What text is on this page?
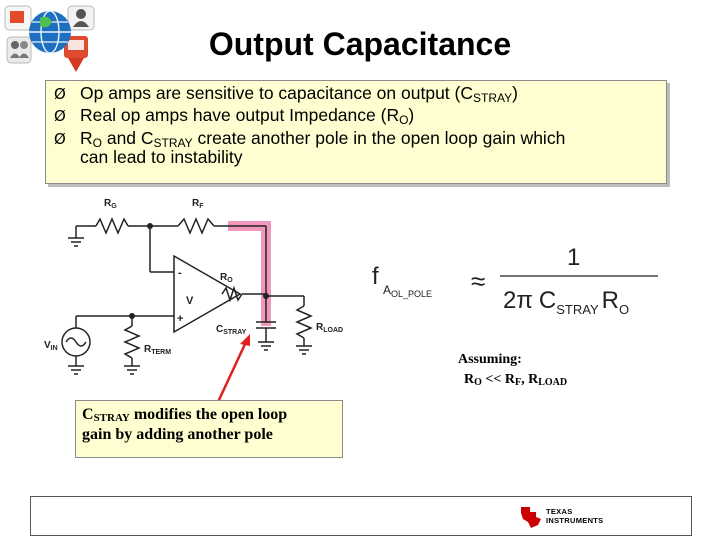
Output Capacitance
Ø Op amps are sensitive to capacitance on output $(C_{STRAY})$
Ø Real op amps have output Impedance $(R_O)$
Ø $R_O$ and $C_{STRAY}$ create another pole in the open loop gain which
can lead to instability
$R_G$	$R_F$
$R_O$
V
-
+
$C_{STRAY}$	$R_{LOAD}$
$R_{TERM}$
$V_{IN}$
f $A_{OL\_POLE}$ ≈
1
2π $C_{STRAY}$ $R_O$
$C_{STRAY}$ modifies the open loop
gain by adding another pole
Assuming:
$R_O << R_F$, $R_{LOAD}$
TEXAS
INSTRUMENTS
